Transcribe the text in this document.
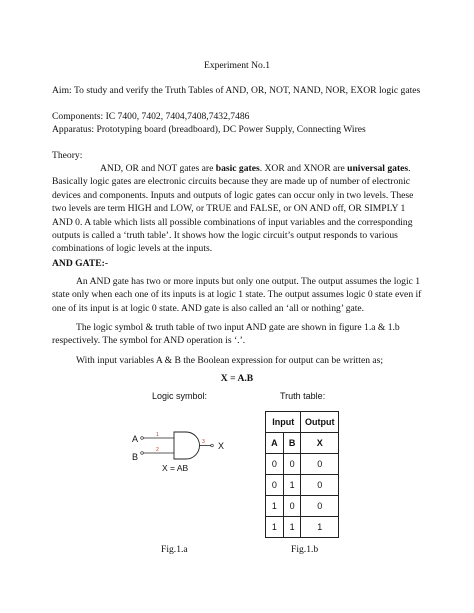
Experiment No.1
Aim: To study and verify the Truth Tables of AND, OR, NOT, NAND, NOR, EXOR logic gates
Components: IC 7400, 7402, 7404,7408,7432,7486
Apparatus: Prototyping board (breadboard), DC Power Supply, Connecting Wires
Theory:
AND, OR and NOT gates are basic gates. XOR and XNOR are universal gates.
Basically logic gates are electronic circuits because they are made up of number of electronic
devices and components. Inputs and outputs of logic gates can occur only in two levels. These
two levels are term HIGH and LOW, or TRUE and FALSE, or ON AND off, OR SIMPLY 1
AND 0. A table which lists all possible combinations of input variables and the corresponding
outputs is called a ‘truth table’. It shows how the logic circuit’s output responds to various
combinations of logic levels at the inputs.
AND GATE:-
An AND gate has two or more inputs but only one output. The output assumes the logic 1
state only when each one of its inputs is at logic 1 state. The output assumes logic 0 state even if
one of its input is at logic 0 state. AND gate is also called an ‘all or nothing’ gate.
The logic symbol & truth table of two input AND gate are shown in figure 1.a & 1.b
respectively. The symbol for AND operation is ‘.’.
With input variables A & B the Boolean expression for output can be written as;
X = A.B
Logic symbol:
A
B
1
2
3 X
X = AB
Fig.1.a
Truth table:
Input		Output
A	B	X
0	0	0
0	1	0
1	0	0
1	1	1
Fig.1.b
